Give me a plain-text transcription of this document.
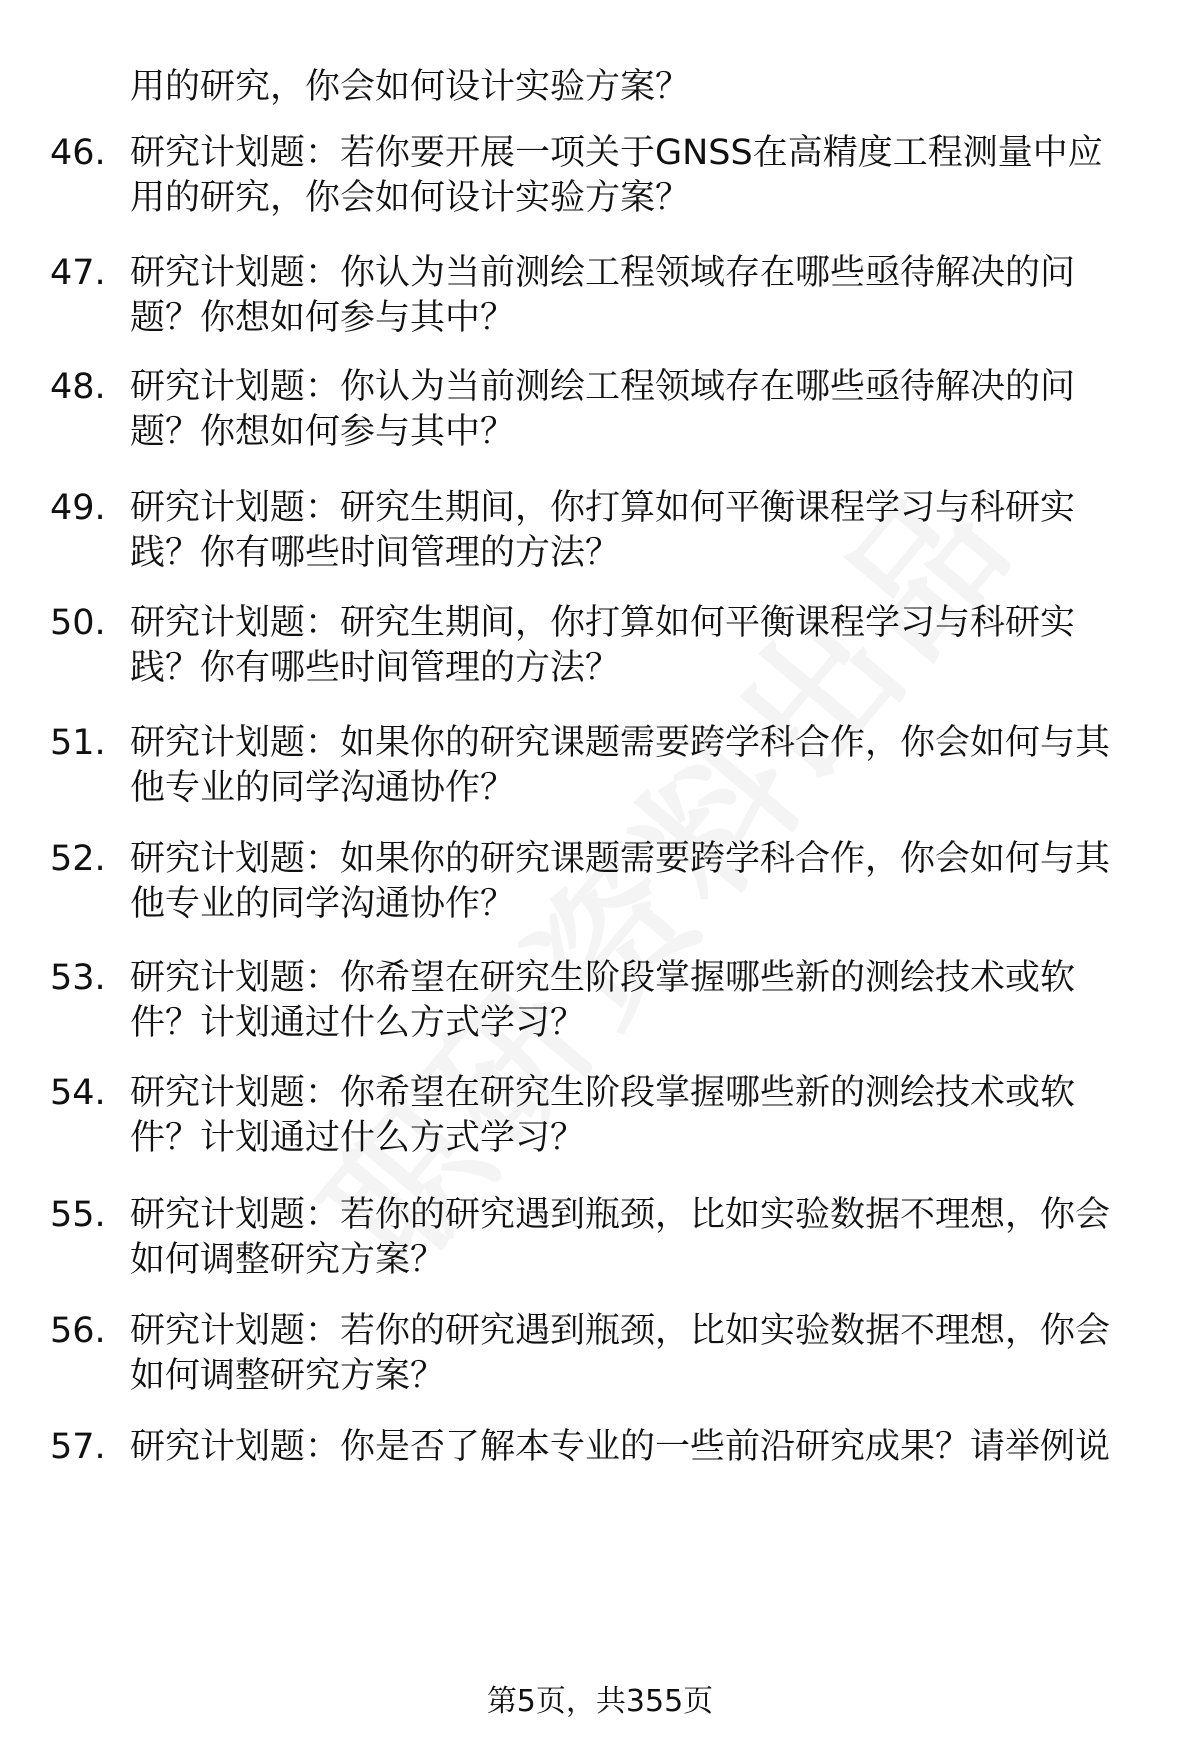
用的研究，你会如何设计实验方案？
46. 研究计划题：若你要开展一项关于GNSS在高精度工程测量中应
用的研究，你会如何设计实验方案？
47. 研究计划题：你认为当前测绘工程领域存在哪些亟待解决的问
题？你想如何参与其中？
48. 研究计划题：你认为当前测绘工程领域存在哪些亟待解决的问
题？你想如何参与其中？
49. 研究计划题：研究生期间，你打算如何平衡课程学习与科研实
践？你有哪些时间管理的方法？
50. 研究计划题：研究生期间，你打算如何平衡课程学习与科研实
践？你有哪些时间管理的方法？
51. 研究计划题：如果你的研究课题需要跨学科合作，你会如何与其
他专业的同学沟通协作？
52. 研究计划题：如果你的研究课题需要跨学科合作，你会如何与其
他专业的同学沟通协作？
53. 研究计划题：你希望在研究生阶段掌握哪些新的测绘技术或软
件？计划通过什么方式学习？
54. 研究计划题：你希望在研究生阶段掌握哪些新的测绘技术或软
件？计划通过什么方式学习？
55. 研究计划题：若你的研究遇到瓶颈，比如实验数据不理想，你会
如何调整研究方案？
56. 研究计划题：若你的研究遇到瓶颈，比如实验数据不理想，你会
如何调整研究方案？
57. 研究计划题：你是否了解本专业的一些前沿研究成果？请举例说
第5页，共355页
